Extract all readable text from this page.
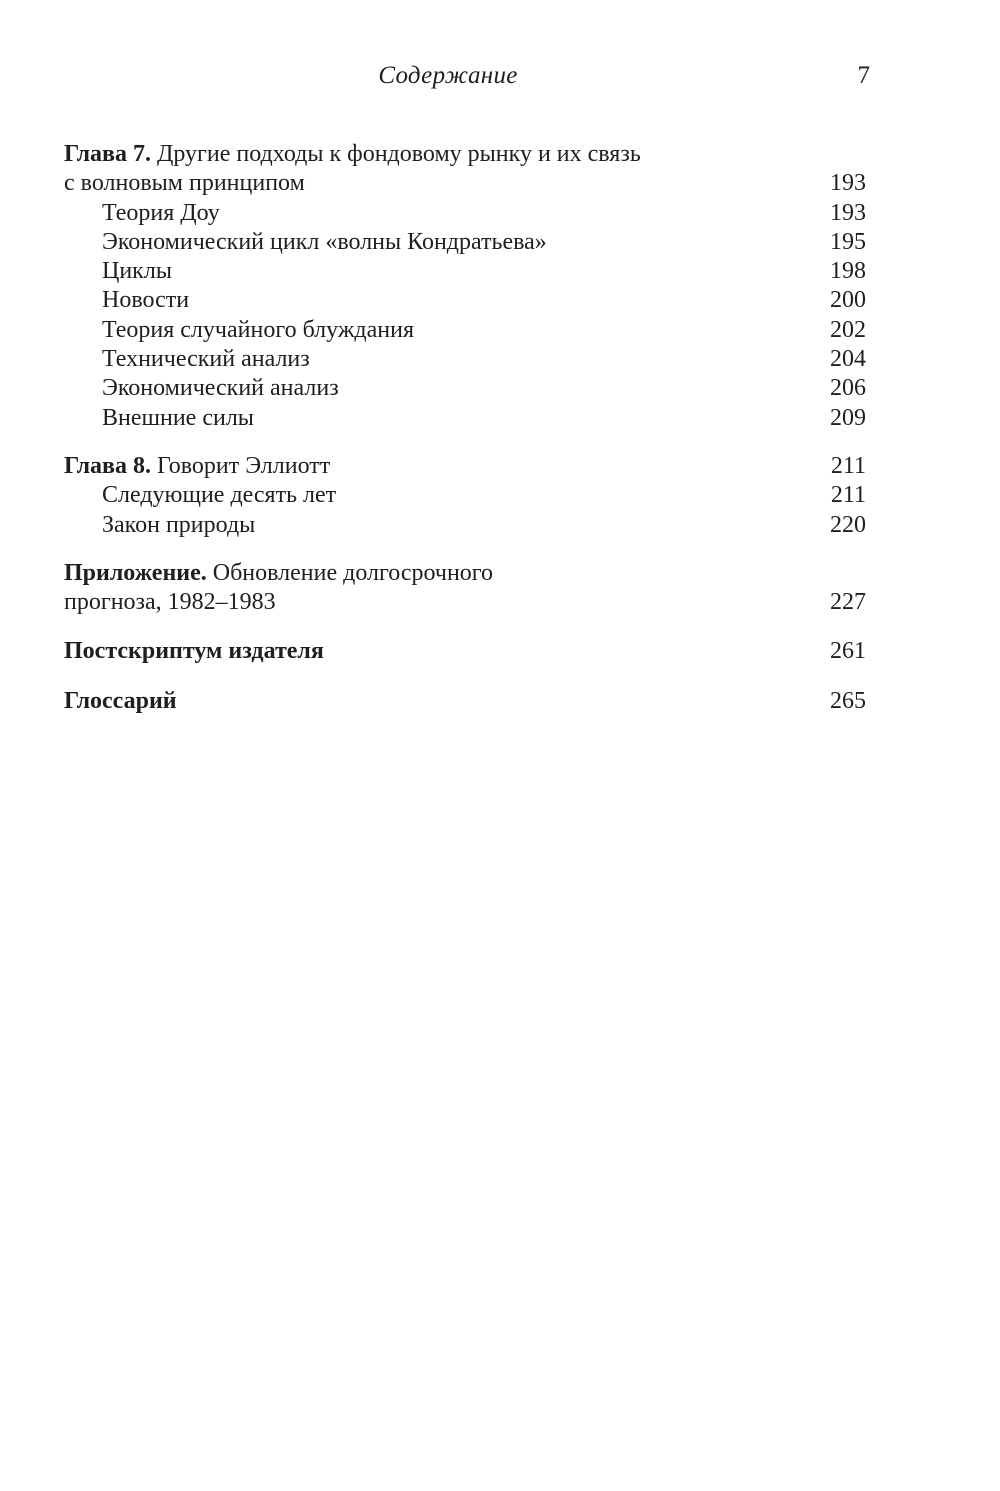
Содержание	7
Глава 7. Другие подходы к фондовому рынку и их связь
с волновым принципом	193
Теория Доу	193
Экономический цикл «волны Кондратьева»	195
Циклы	198
Новости	200
Теория случайного блуждания	202
Технический анализ	204
Экономический анализ	206
Внешние силы	209
Глава 8. Говорит Эллиотт	211
Следующие десять лет	211
Закон природы	220
Приложение. Обновление долгосрочного
прогноза, 1982–1983	227
Постскриптум издателя	261
Глоссарий	265
